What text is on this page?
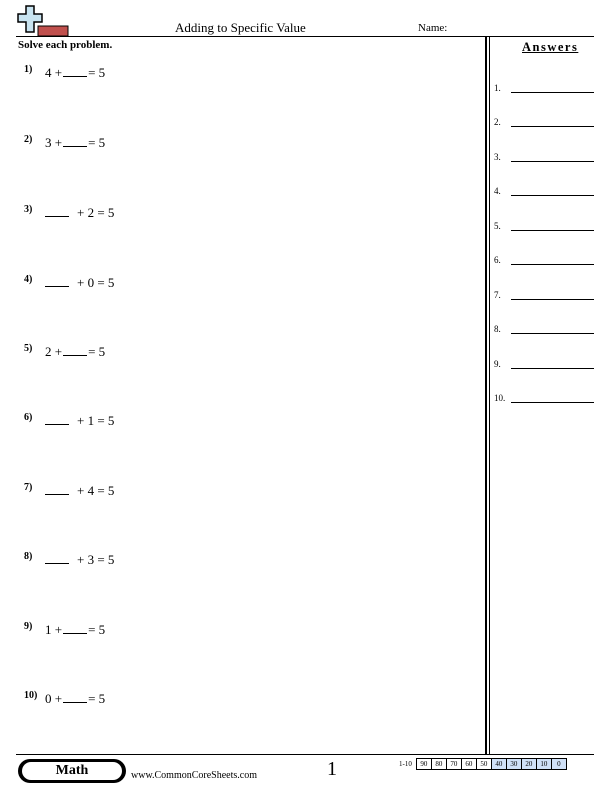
Adding to Specific Value	Name:
Solve each problem.
1) 4 + = 5
2) 3 + = 5
3)	+ 2 = 5
4)	+ 0 = 5
5) 2 + = 5
6)	+ 1 = 5
7)	+ 4 = 5
8)	+ 3 = 5
9) 1 + = 5
10) 0 + = 5
Answers
1.
2.
3.
4.
5.
6.
7.
8.
9.
10.
Math	www.CommonCoreSheets.com	1	1-10	90	80	70	60	50	40	30	20	10	0
